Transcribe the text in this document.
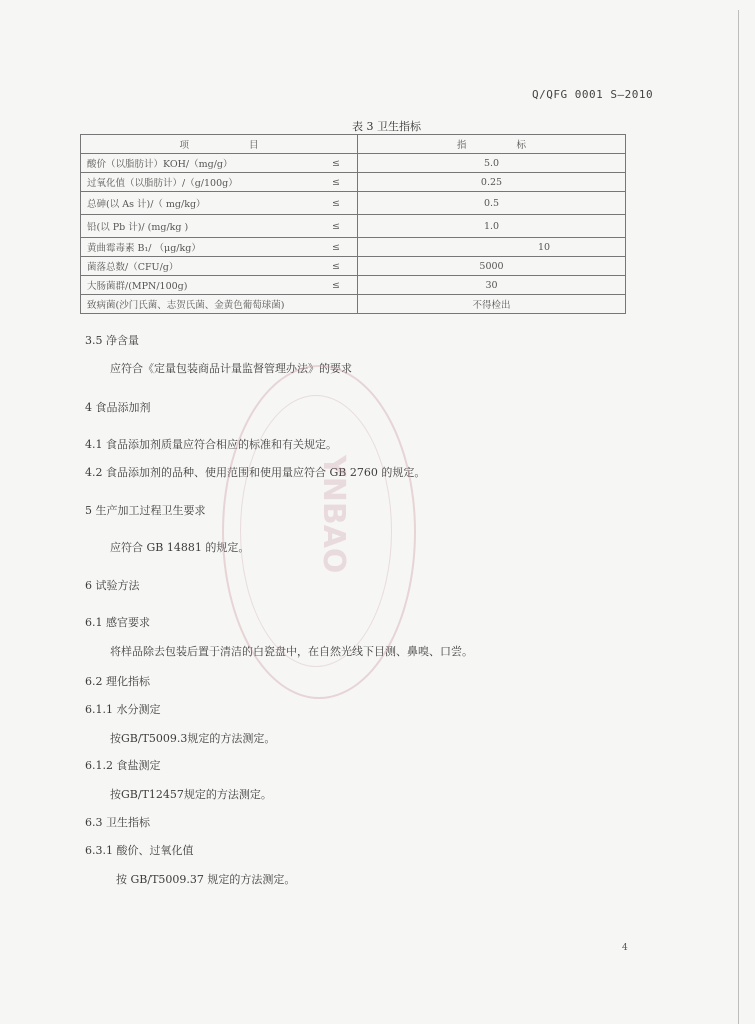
Q/QFG 0001 S—2010
表 3 卫生指标
项 目		指 标

酸价（以脂肪计）KOH/（mg/g）	≤	5.0
过氧化值（以脂肪计）/（g/100g）	≤	0.25
总砷(以 As 计)/（ mg/kg）	≤	0.5
铅(以 Pb 计)/ (mg/kg )	≤	1.0
黄曲霉毒素 B₁/ （μg/kg）	≤	10
菌落总数/（CFU/g）	≤	5000
大肠菌群/(MPN/100g)	≤	30
致病菌(沙门氏菌、志贺氏菌、金黄色葡萄球菌)		不得检出
3.5 净含量
应符合《定量包装商品计量监督管理办法》的要求
4 食品添加剂
4.1 食品添加剂质量应符合相应的标准和有关规定。
4.2 食品添加剂的品种、使用范围和使用量应符合 GB 2760 的规定。
5 生产加工过程卫生要求
应符合 GB 14881 的规定。
6 试验方法
6.1 感官要求
将样品除去包装后置于清洁的白瓷盘中，在自然光线下目测、鼻嗅、口尝。
6.2 理化指标
6.1.1 水分测定
按GB/T5009.3规定的方法测定。
6.1.2 食盐测定
按GB/T12457规定的方法测定。
6.3 卫生指标
6.3.1 酸价、过氧化值
按 GB/T5009.37 规定的方法测定。
YNBAO
4
